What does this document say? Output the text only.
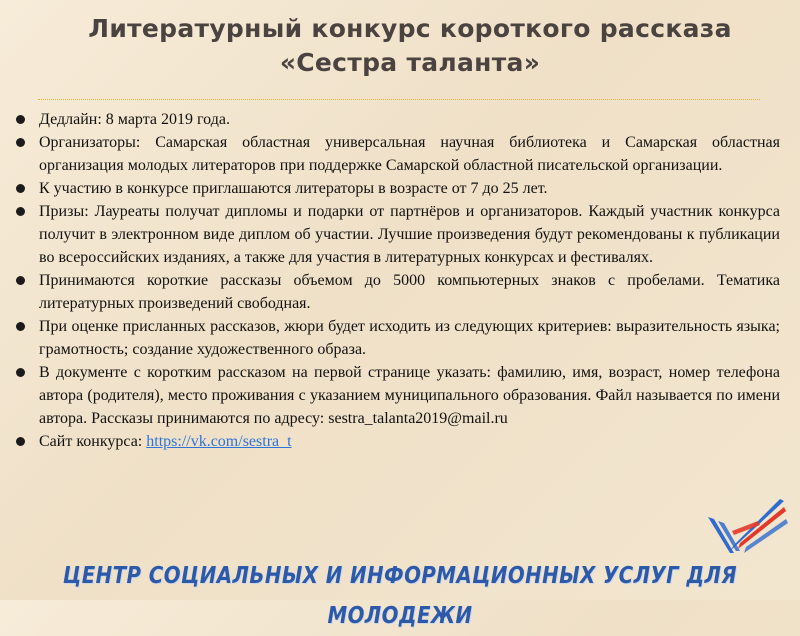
Литературный конкурс короткого рассказа
«Сестра таланта»
Дедлайн: 8 марта 2019 года.
Организаторы: Самарская областная универсальная научная библиотека и Самарская областная организация молодых литераторов при поддержке Самарской областной писательской организации.
К участию в конкурсе приглашаются литераторы в возрасте от 7 до 25 лет.
Призы: Лауреаты получат дипломы и подарки от партнёров и организаторов. Каждый участник конкурса получит в электронном виде диплом об участии. Лучшие произведения будут рекомендованы к публикации во всероссийских изданиях, а также для участия в литературных конкурсах и фестивалях.
Принимаются короткие рассказы объемом до 5000 компьютерных знаков с пробелами. Тематика литературных произведений свободная.
При оценке присланных рассказов, жюри будет исходить из следующих критериев: выразительность языка; грамотность; создание художественного образа.
В документе с коротким рассказом на первой странице указать: фамилию, имя, возраст, номер телефона автора (родителя), место проживания с указанием муниципального образования. Файл называется по имени автора. Рассказы принимаются по адресу: sestra_talanta2019@mail.ru
Сайт конкурса: https://vk.com/sestra_t
ЦЕНТР СОЦИАЛЬНЫХ И ИНФОРМАЦИОННЫХ УСЛУГ ДЛЯ МОЛОДЕЖИ
